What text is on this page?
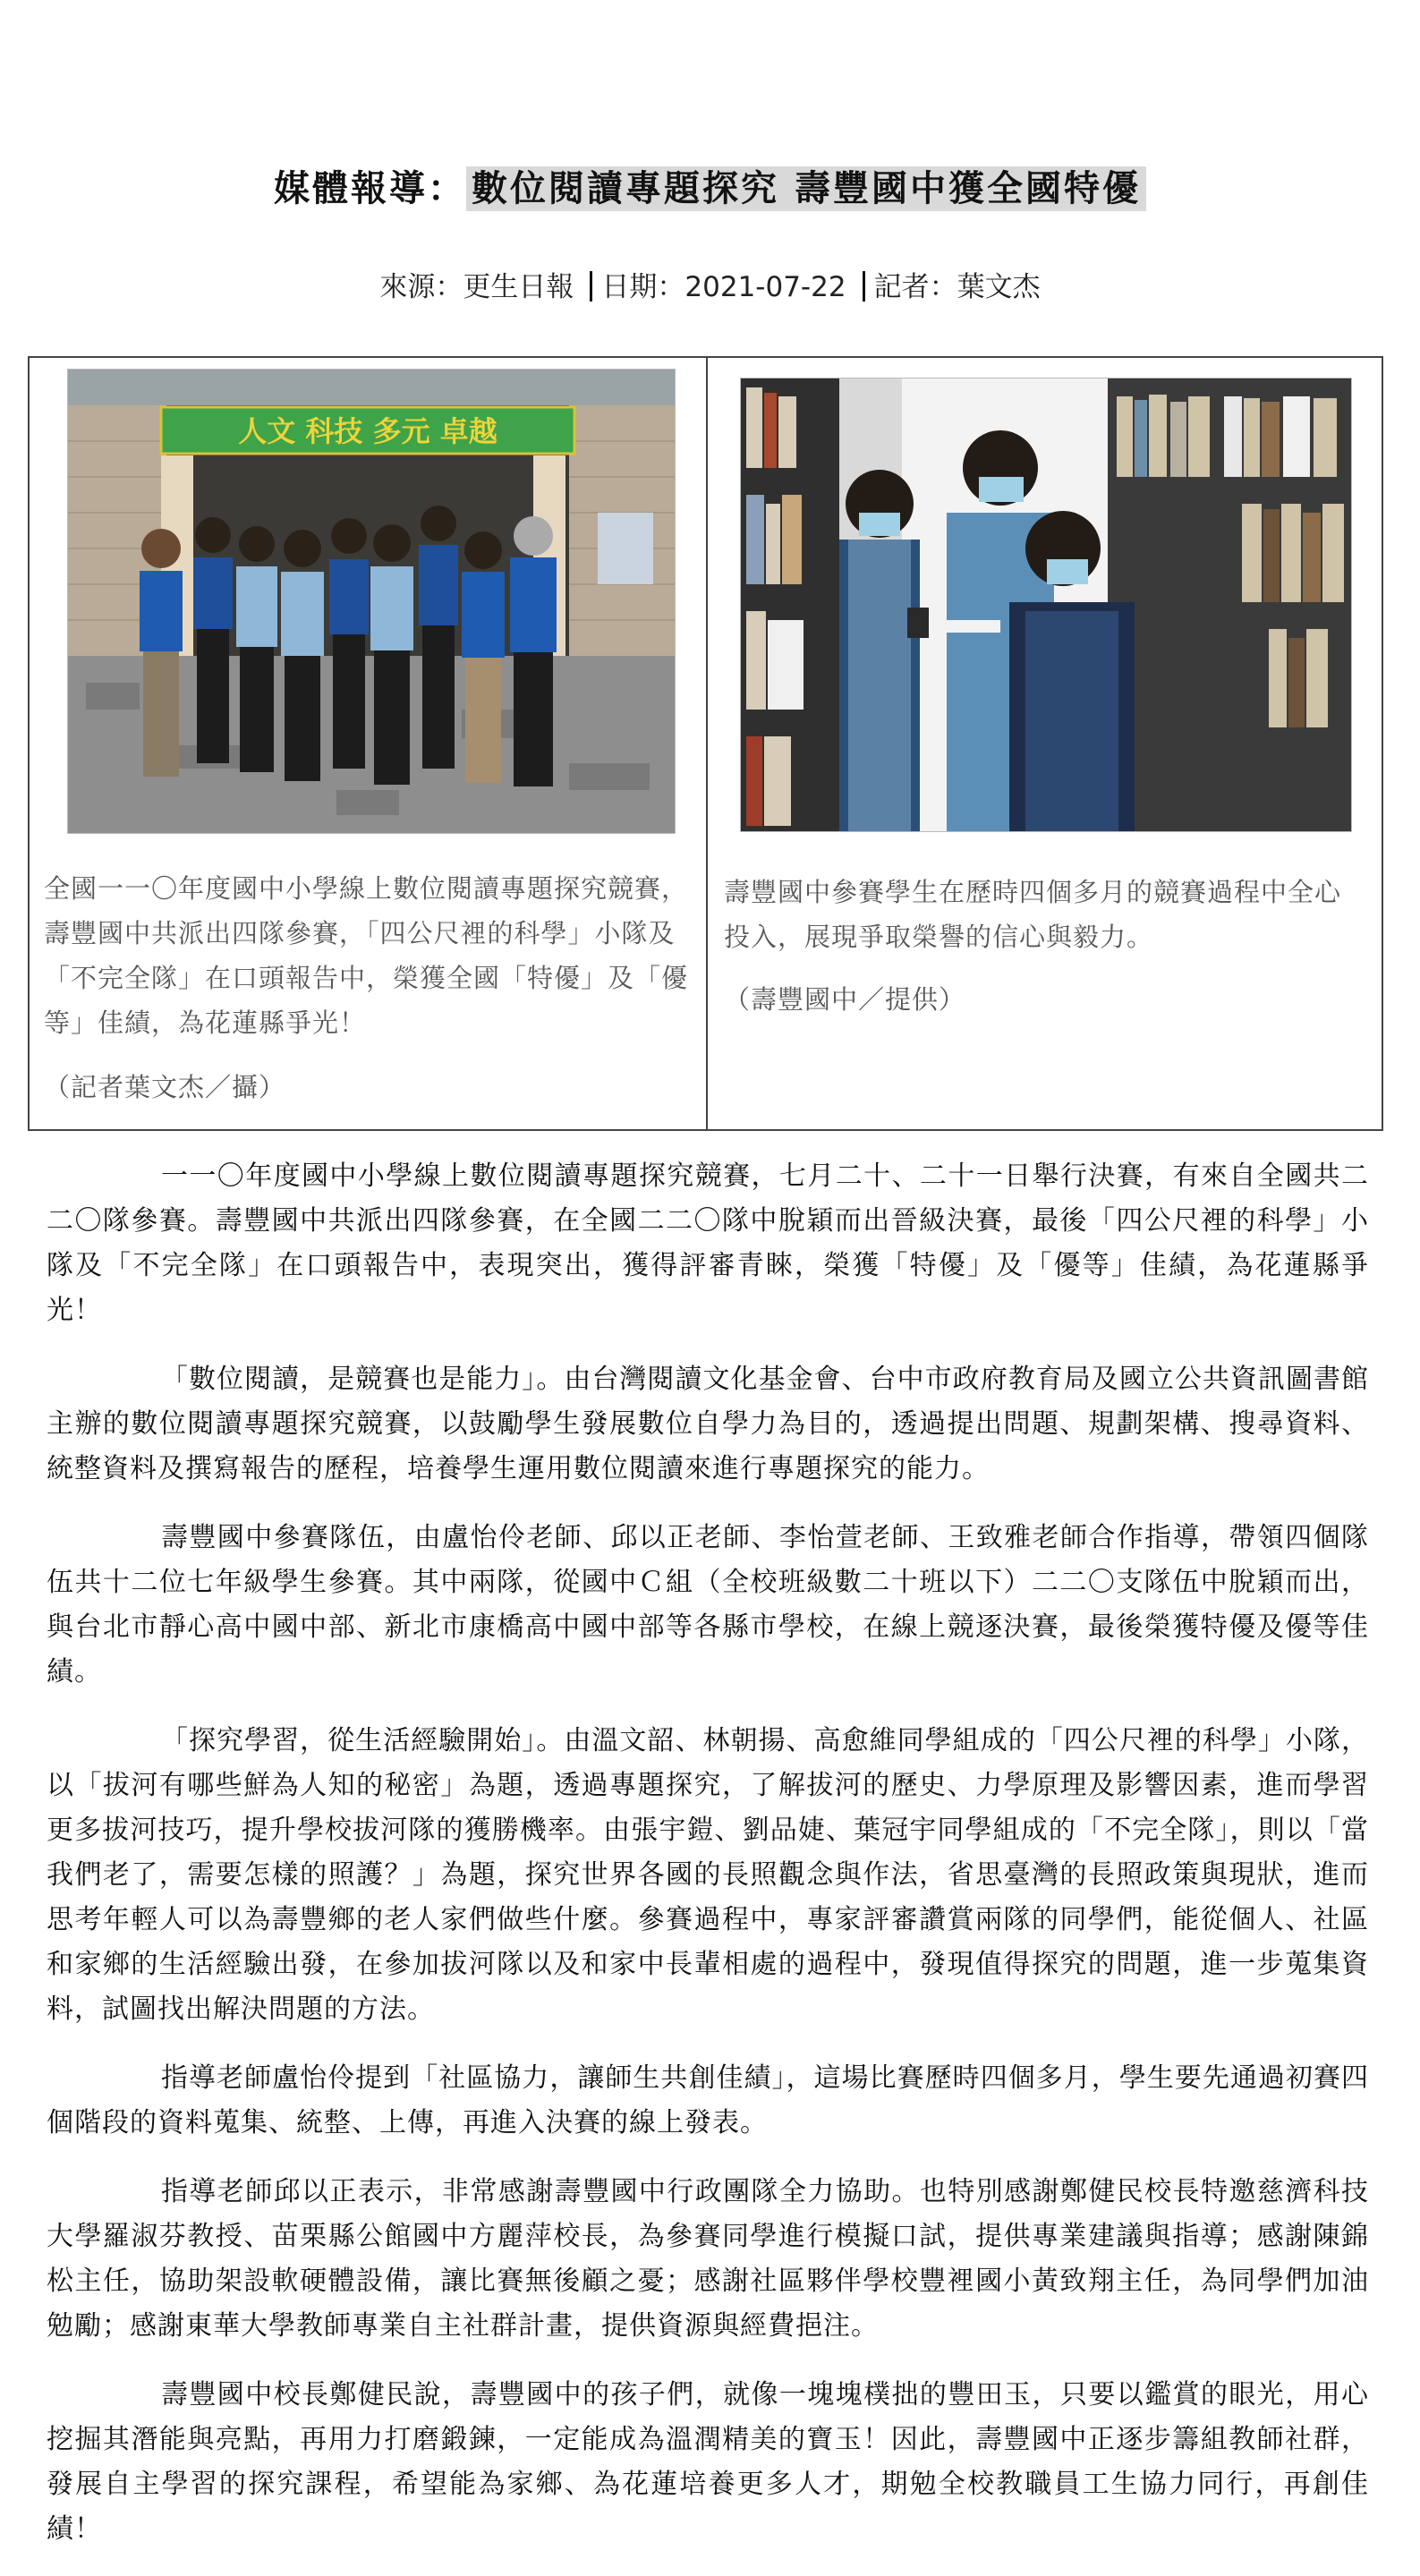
媒體報導： 數位閱讀專題探究 壽豐國中獲全國特優
來源：更生日報 日期：2021-07-22 記者：葉文杰
人文 科技 多元 卓越

全國一一〇年度國中小學線上數位閱讀專題探究競賽，壽豐國中共派出四隊參賽，「四公尺裡的科學」小隊及「不完全隊」在口頭報告中，榮獲全國「特優」及「優等」佳績，為花蓮縣爭光！

（記者葉文杰／攝）

壽豐國中參賽學生在歷時四個多月的競賽過程中全心投入，展現爭取榮譽的信心與毅力。

（壽豐國中／提供）

一一〇年度國中小學線上數位閱讀專題探究競賽，七月二十、二十一日舉行決賽，有來自全國共二二〇隊參賽。壽豐國中共派出四隊參賽，在全國二二〇隊中脫穎而出晉級決賽，最後「四公尺裡的科學」小隊及「不完全隊」在口頭報告中，表現突出，獲得評審青睞，榮獲「特優」及「優等」佳績，為花蓮縣爭光！

「數位閱讀，是競賽也是能力」。由台灣閱讀文化基金會、台中市政府教育局及國立公共資訊圖書館主辦的數位閱讀專題探究競賽，以鼓勵學生發展數位自學力為目的，透過提出問題、規劃架構、搜尋資料、統整資料及撰寫報告的歷程，培養學生運用數位閱讀來進行專題探究的能力。

壽豐國中參賽隊伍，由盧怡伶老師、邱以正老師、李怡萱老師、王致雅老師合作指導，帶領四個隊伍共十二位七年級學生參賽。其中兩隊，從國中Ｃ組（全校班級數二十班以下）二二〇支隊伍中脫穎而出，與台北市靜心高中國中部、新北市康橋高中國中部等各縣市學校，在線上競逐決賽，最後榮獲特優及優等佳績。

「探究學習，從生活經驗開始」。由溫文韶、林朝揚、高愈維同學組成的「四公尺裡的科學」小隊，以「拔河有哪些鮮為人知的秘密」為題，透過專題探究，了解拔河的歷史、力學原理及影響因素，進而學習更多拔河技巧，提升學校拔河隊的獲勝機率。由張宇鎧、劉品婕、葉冠宇同學組成的「不完全隊」，則以「當我們老了，需要怎樣的照護？」為題，探究世界各國的長照觀念與作法，省思臺灣的長照政策與現狀，進而思考年輕人可以為壽豐鄉的老人家們做些什麼。參賽過程中，專家評審讚賞兩隊的同學們，能從個人、社區和家鄉的生活經驗出發，在參加拔河隊以及和家中長輩相處的過程中，發現值得探究的問題，進一步蒐集資料，試圖找出解決問題的方法。

指導老師盧怡伶提到「社區協力，讓師生共創佳績」，這場比賽歷時四個多月，學生要先通過初賽四個階段的資料蒐集、統整、上傳，再進入決賽的線上發表。

指導老師邱以正表示，非常感謝壽豐國中行政團隊全力協助。也特別感謝鄭健民校長特邀慈濟科技大學羅淑芬教授、苗栗縣公館國中方麗萍校長，為參賽同學進行模擬口試，提供專業建議與指導；感謝陳錦松主任，協助架設軟硬體設備，讓比賽無後顧之憂；感謝社區夥伴學校豐裡國小黃致翔主任，為同學們加油勉勵；感謝東華大學教師專業自主社群計畫，提供資源與經費挹注。

壽豐國中校長鄭健民說，壽豐國中的孩子們，就像一塊塊樸拙的豐田玉，只要以鑑賞的眼光，用心挖掘其潛能與亮點，再用力打磨鍛鍊，一定能成為溫潤精美的寶玉！因此，壽豐國中正逐步籌組教師社群，發展自主學習的探究課程，希望能為家鄉、為花蓮培養更多人才，期勉全校教職員工生協力同行，再創佳績！
